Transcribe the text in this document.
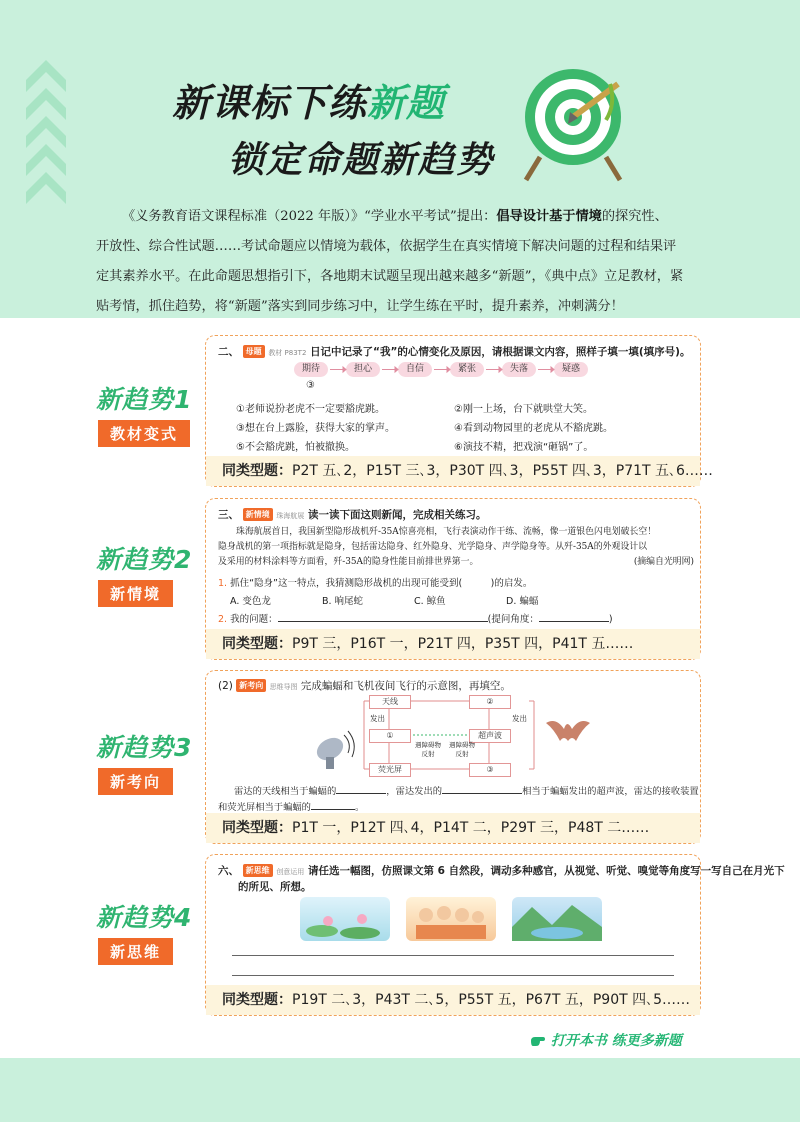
新课标下练新题
锁定命题新趋势

《义务教育语文课程标准（2022 年版）》“学业水平考试”提出：倡导设计基于情境的探究性、

开放性、综合性试题……考试命题应以情境为载体，依据学生在真实情境下解决问题的过程和结果评
定其素养水平。在此命题思想指引下，各地期末试题呈现出越来越多“新题”，《典中点》立足教材，紧
贴考情，抓住趋势，将“新题”落实到同步练习中，让学生练在平时，提升素养，冲刺满分！
新趋势1
教材变式
新趋势2
新情境
新趋势3
新考向
新趋势4
新思维
二、 母题 教材 P83T2 日记中记录了“我”的心情变化及原因，请根据课文内容，照样子填一填(填序号)。
期待	担心	自信	紧张	失落	疑惑
③
①老师说扮老虎不一定要豁虎跳。	②刚一上场，台下就哄堂大笑。
③想在台上露脸，获得大家的掌声。	④看到动物园里的老虎从不豁虎跳。
⑤不会豁虎跳，怕被撤换。	⑥演技不精，把戏演“砸锅”了。
同类型题：P2T 五､2，P15T 三､3，P30T 四､3，P55T 四､3，P71T 五､6……
三、 新情境 珠海航展 读一读下面这则新闻，完成相关练习。
珠海航展首日，我国新型隐形战机歼-35A惊喜亮相，飞行表演动作干练、流畅，像一道银色闪电划破长空！
隐身战机的第一项指标就是隐身，包括雷达隐身、红外隐身、光学隐身、声学隐身等。从歼-35A的外观设计以
及采用的材料涂料等方面看，歼-35A的隐身性能目前排世界第一。	(摘编自光明网)
1. 抓住“隐身”这一特点，我猜测隐形战机的出现可能受到(　　　)的启发。
A. 变色龙	B. 响尾蛇	C. 鲸鱼	D. 蝙蝠
2. 我的问题：	(提问角度：	)
同类型题：P9T 三，P16T 一，P21T 四，P35T 四，P41T 五……
(2) 新考向 思维导图 完成蝙蝠和飞机夜间飞行的示意图，再填空。
天线	②
①	超声波
荧光屏	③
发出	发出
遇障碍物反射
遇障碍物反射
雷达的天线相当于蝙蝠的	，雷达发出的	相当于蝙蝠发出的超声波，雷达的接收装置
和荧光屏相当于蝙蝠的	。
同类型题：P1T 一，P12T 四､4，P14T 二，P29T 三，P48T 二……
六、 新思维 创意运用 请任选一幅图，仿照课文第 6 自然段，调动多种感官，从视觉、听觉、嗅觉等角度写一写自己在月光下
的所见、所想。
同类型题：P19T 二､3，P43T 二､5，P55T 五，P67T 五，P90T 四､5……
打开本书 练更多新题
